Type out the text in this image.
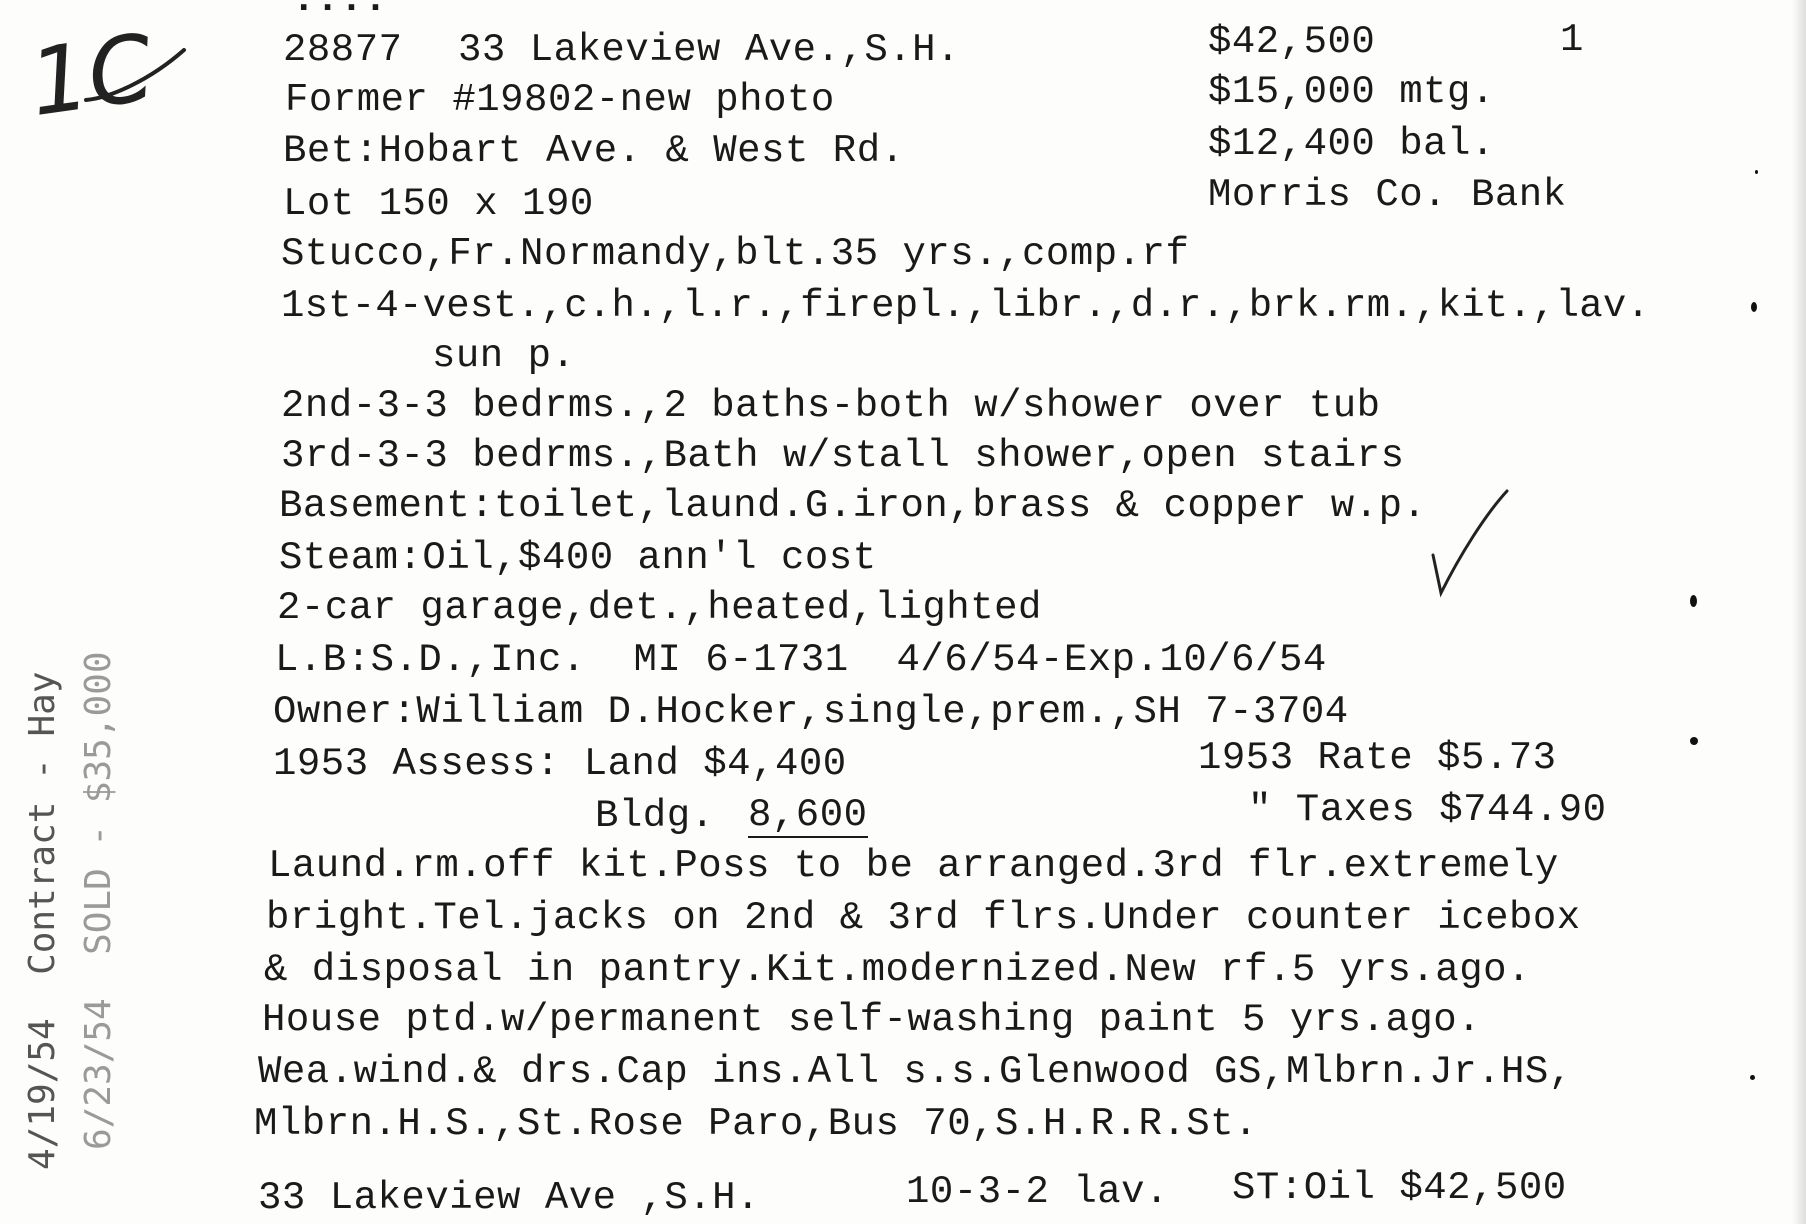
1C
....
28877 33 Lakeview Ave.,S.H.	$42,500	1
Former #19802-new photo	$15,000 mtg.
Bet:Hobart Ave. & West Rd.	$12,400 bal.
Lot 150 x 190	Morris Co. Bank
Stucco,Fr.Normandy,blt.35 yrs.,comp.rf
1st-4-vest.,c.h.,l.r.,firepl.,libr.,d.r.,brk.rm.,kit.,lav.
sun p.
2nd-3-3 bedrms.,2 baths-both w/shower over tub
3rd-3-3 bedrms.,Bath w/stall shower,open stairs
Basement:toilet,laund.G.iron,brass & copper w.p.
Steam:Oil,$400 ann'l cost
2-car garage,det.,heated,lighted
L.B:S.D.,Inc.  MI 6-1731  4/6/54-Exp.10/6/54
Owner:William D.Hocker,single,prem.,SH 7-3704
1953 Assess: Land $4,400	1953 Rate $5.73
Bldg. 8,600	" Taxes $744.90
Laund.rm.off kit.Poss to be arranged.3rd flr.extremely
bright.Tel.jacks on 2nd & 3rd flrs.Under counter icebox
& disposal in pantry.Kit.modernized.New rf.5 yrs.ago.
House ptd.w/permanent self-washing paint 5 yrs.ago.
Wea.wind.& drs.Cap ins.All s.s.Glenwood GS,Mlbrn.Jr.HS,
Mlbrn.H.S.,St.Rose Paro,Bus 70,S.H.R.R.St.
33 Lakeview Ave ,S.H.	10-3-2 lav. ST:Oil $42,500
4/19/54  Contract - Hay 6/23/54  SOLD - $35,000
